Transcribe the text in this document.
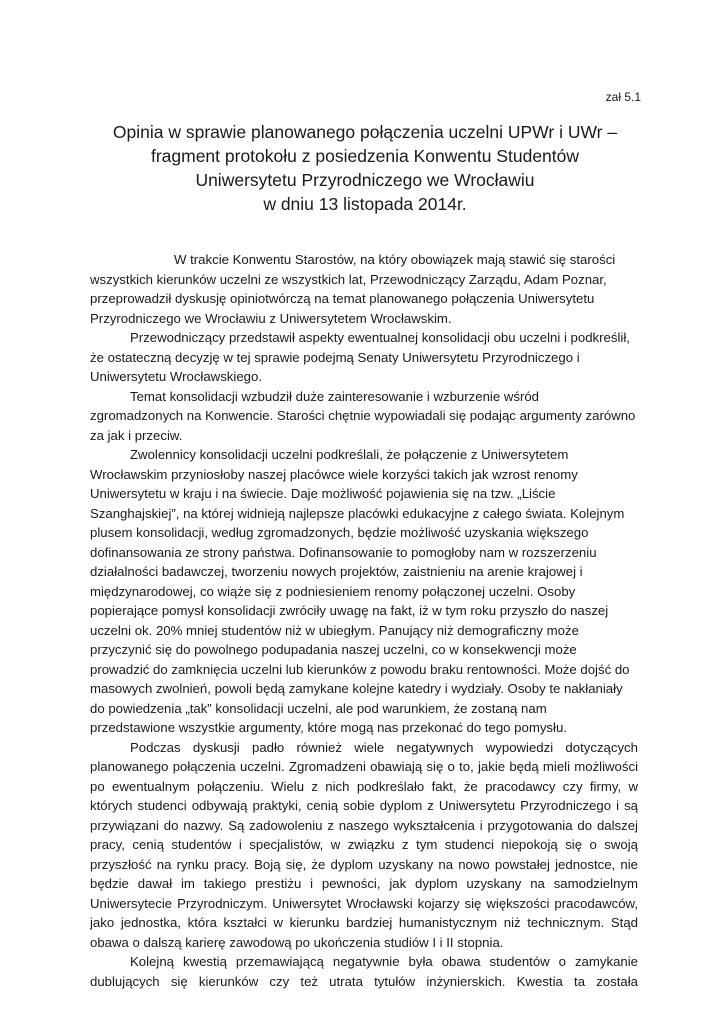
zał 5.1
Opinia w sprawie planowanego połączenia uczelni UPWr i UWr –
fragment protokołu z posiedzenia Konwentu Studentów
Uniwersytetu Przyrodniczego we Wrocławiu
w dniu 13 listopada 2014r.

W trakcie Konwentu Starostów, na który obowiązek mają stawić się starości
wszystkich kierunków uczelni ze wszystkich lat, Przewodniczący Zarządu, Adam Poznar,
przeprowadził dyskusję opiniotwórczą na temat planowanego połączenia Uniwersytetu
Przyrodniczego we Wrocławiu z Uniwersytetem Wrocławskim.

Przewodniczący przedstawił aspekty ewentualnej konsolidacji obu uczelni i podkreślił,
że ostateczną decyzję w tej sprawie podejmą Senaty Uniwersytetu Przyrodniczego i
Uniwersytetu Wrocławskiego.

Temat konsolidacji wzbudził duże zainteresowanie i wzburzenie wśród
zgromadzonych na Konwencie. Starości chętnie wypowiadali się podając argumenty zarówno
za jak i przeciw.

Zwolennicy konsolidacji uczelni podkreślali, że połączenie z Uniwersytetem
Wrocławskim przyniosłoby naszej placówce wiele korzyści takich jak wzrost renomy
Uniwersytetu w kraju i na świecie. Daje możliwość pojawienia się na tzw. „Liście
Szanghajskiej”, na której widnieją najlepsze placówki edukacyjne z całego świata. Kolejnym
plusem konsolidacji, według zgromadzonych, będzie możliwość uzyskania większego
dofinansowania ze strony państwa. Dofinansowanie to pomogłoby nam w rozszerzeniu
działalności badawczej, tworzeniu nowych projektów, zaistnieniu na arenie krajowej i
międzynarodowej, co wiąże się z podniesieniem renomy połączonej uczelni. Osoby
popierające pomysł konsolidacji zwróciły uwagę na fakt, iż w tym roku przyszło do naszej
uczelni ok. 20% mniej studentów niż w ubiegłym. Panujący niż demograficzny może
przyczynić się do powolnego podupadania naszej uczelni, co w konsekwencji może
prowadzić do zamknięcia uczelni lub kierunków z powodu braku rentowności. Może dojść do
masowych zwolnień, powoli będą zamykane kolejne katedry i wydziały. Osoby te nakłaniały
do powiedzenia „tak” konsolidacji uczelni, ale pod warunkiem, że zostaną nam
przedstawione wszystkie argumenty, które mogą nas przekonać do tego pomysłu.

Podczas dyskusji padło również wiele negatywnych wypowiedzi dotyczących
planowanego połączenia uczelni. Zgromadzeni obawiają się o to, jakie będą mieli możliwości
po ewentualnym połączeniu. Wielu z nich podkreślało fakt, że pracodawcy czy firmy, w
których studenci odbywają praktyki, cenią sobie dyplom z Uniwersytetu Przyrodniczego i są
przywiązani do nazwy. Są zadowoleniu z naszego wykształcenia i przygotowania do dalszej
pracy, cenią studentów i specjalistów, w związku z tym studenci niepokoją się o swoją
przyszłość na rynku pracy. Boją się, że dyplom uzyskany na nowo powstałej jednostce, nie
będzie dawał im takiego prestiżu i pewności, jak dyplom uzyskany na samodzielnym
Uniwersytecie Przyrodniczym. Uniwersytet Wrocławski kojarzy się większości pracodawców,
jako jednostka, która kształci w kierunku bardziej humanistycznym niż technicznym. Stąd
obawa o dalszą karierę zawodową po ukończenia studiów I i II stopnia.

Kolejną kwestią przemawiającą negatywnie była obawa studentów o zamykanie
dublujących się kierunków czy też utrata tytułów inżynierskich. Kwestia ta została
